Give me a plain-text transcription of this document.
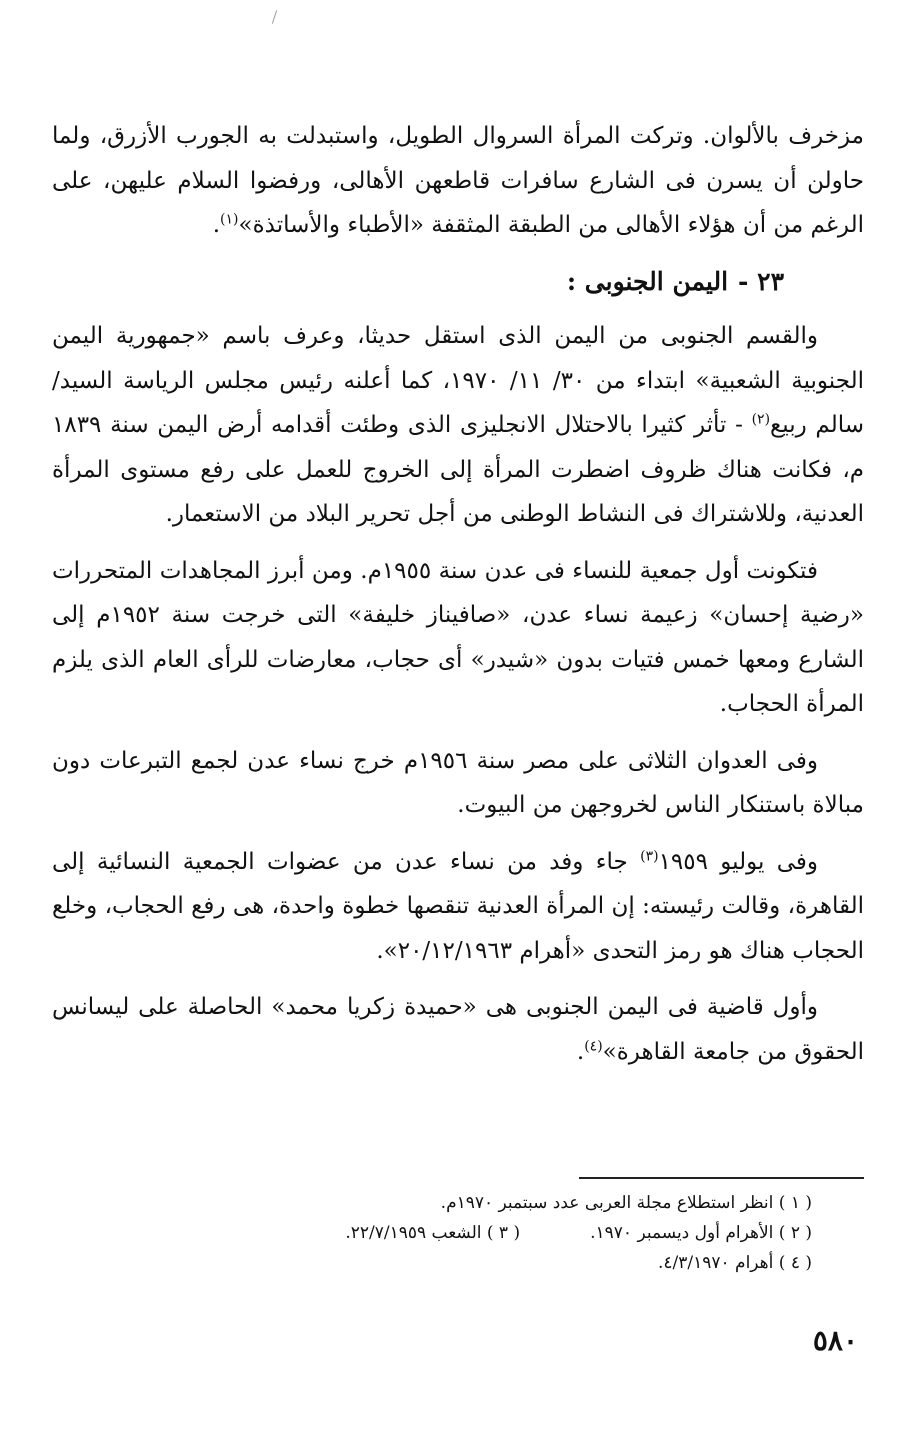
مزخرف بالألوان. وتركت المرأة السروال الطويل، واستبدلت به الجورب الأزرق، ولما حاولن أن يسرن فى الشارع سافرات قاطعهن الأهالى، ورفضوا السلام عليهن، على الرغم من أن هؤلاء الأهالى من الطبقة المثقفة «الأطباء والأساتذة»$^{(١)}$.

٢٣ -اليمن الجنوبى :

والقسم الجنوبى من اليمن الذى استقل حديثا، وعرف باسم «جمهورية اليمن الجنوبية الشعبية» ابتداء من ٣٠/ ١١/ ١٩٧٠، كما أعلنه رئيس مجلس الرياسة السيد/ سالم ربيع$^{(٢)}$ - تأثر كثيرا بالاحتلال الانجليزى الذى وطئت أقدامه أرض اليمن سنة ١٨٣٩ م، فكانت هناك ظروف اضطرت المرأة إلى الخروج للعمل على رفع مستوى المرأة العدنية، وللاشتراك فى النشاط الوطنى من أجل تحرير البلاد من الاستعمار.

فتكونت أول جمعية للنساء فى عدن سنة ١٩٥٥م. ومن أبرز المجاهدات المتحررات «رضية إحسان» زعيمة نساء عدن، «صافيناز خليفة» التى خرجت سنة ١٩٥٢م إلى الشارع ومعها خمس فتيات بدون «شيدر» أى حجاب، معارضات للرأى العام الذى يلزم المرأة الحجاب.

وفى العدوان الثلاثى على مصر سنة ١٩٥٦م خرج نساء عدن لجمع التبرعات دون مبالاة باستنكار الناس لخروجهن من البيوت.

وفى يوليو ١٩٥٩$^{(٣)}$ جاء وفد من نساء عدن من عضوات الجمعية النسائية إلى القاهرة، وقالت رئيسته: إن المرأة العدنية تنقصها خطوة واحدة، هى رفع الحجاب، وخلع الحجاب هناك هو رمز التحدى «أهرام ٢٠/١٢/١٩٦٣».

وأول قاضية فى اليمن الجنوبى هى «حميدة زكريا محمد» الحاصلة على ليسانس الحقوق من جامعة القاهرة»$^{(٤)}$.

( ١ ) انظر استطلاع مجلة العربى عدد سبتمبر ١٩٧٠م.
( ٢ ) الأهرام أول ديسمبر ١٩٧٠.
( ٣ ) الشعب ٢٢/٧/١٩٥٩.
( ٤ ) أهرام ٤/٣/١٩٧٠.
٥٨٠
